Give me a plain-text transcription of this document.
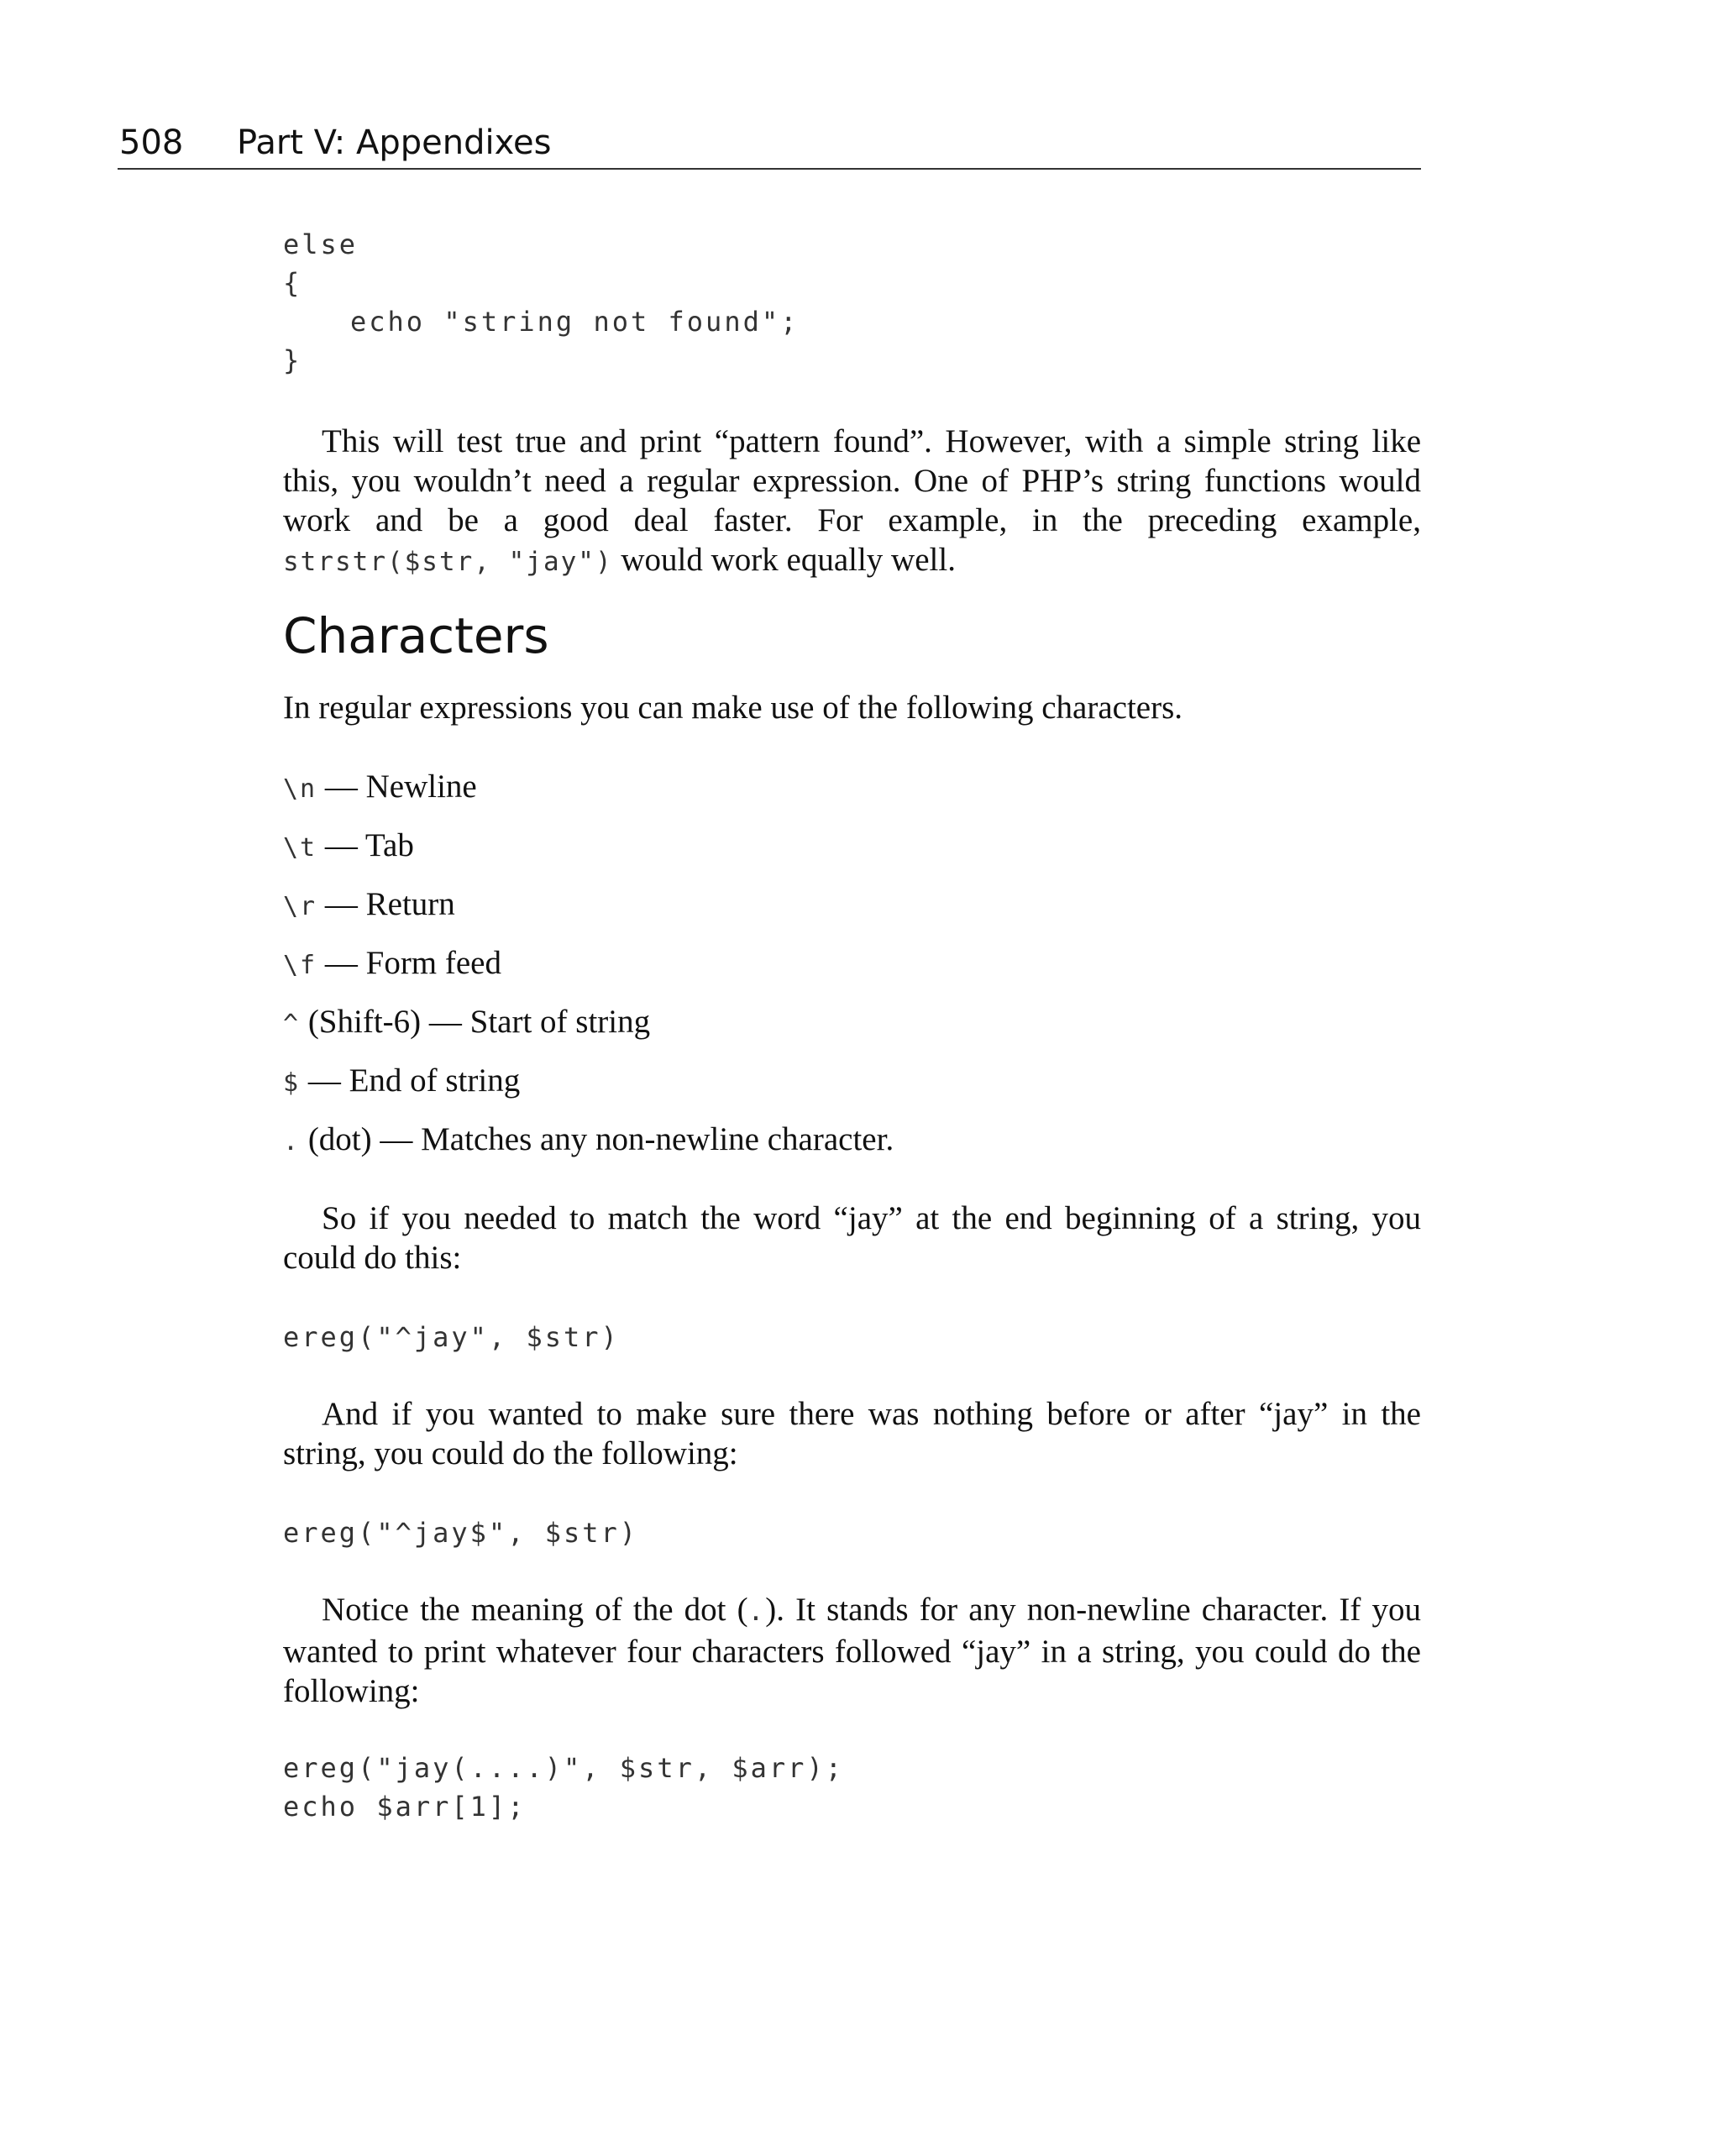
508 Part V: Appendixes
else
{
echo "string not found";
}

This will test true and print “pattern found”. However, with a simple string like this, you wouldn’t need a regular expression. One of PHP’s string functions would work and be a good deal faster. For example, in the preceding example, strstr($str, "jay") would work equally well.

Characters

In regular expressions you can make use of the following characters.

\n — Newline
\t — Tab
\r — Return
\f — Form feed
^ (Shift-6) — Start of string
$ — End of string
. (dot) — Matches any non-newline character.

So if you needed to match the word “jay” at the end beginning of a string, you could do this:

ereg("^jay", $str)

And if you wanted to make sure there was nothing before or after “jay” in the string, you could do the following:

ereg("^jay$", $str)

Notice the meaning of the dot (.). It stands for any non-newline character. If you wanted to print whatever four characters followed “jay” in a string, you could do the following:

ereg("jay(....)", $str, $arr);
echo $arr[1];
